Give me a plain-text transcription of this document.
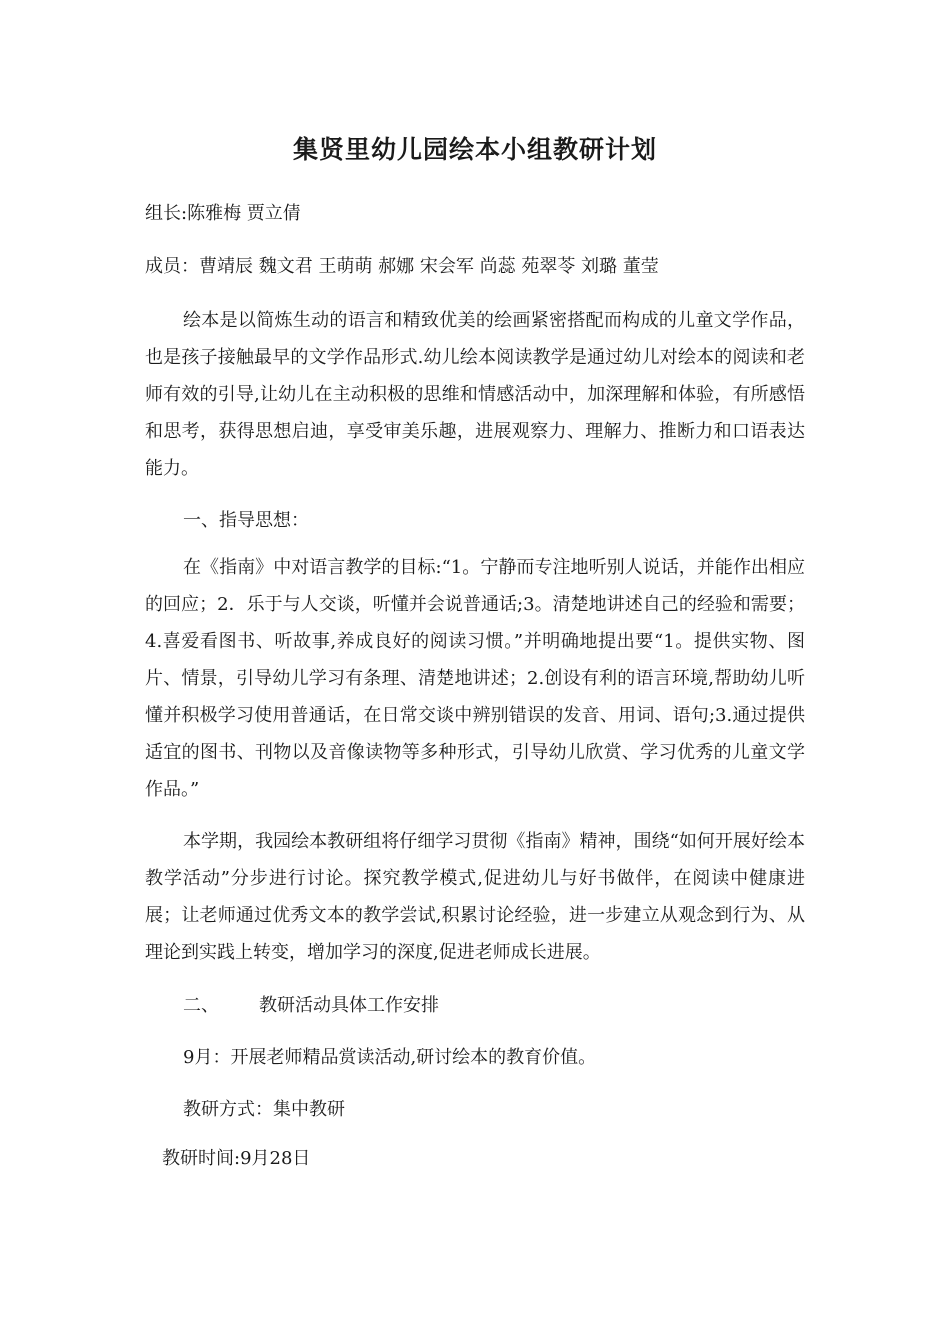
集贤里幼儿园绘本小组教研计划
组长:陈雅梅 贾立倩
成员：曹靖辰 魏文君 王萌萌 郝娜 宋会军 尚蕊 苑翠苓 刘璐 董莹
绘本是以简炼生动的语言和精致优美的绘画紧密搭配而构成的儿童文学作品，也是孩子接触最早的文学作品形式.幼儿绘本阅读教学是通过幼儿对绘本的阅读和老师有效的引导,让幼儿在主动积极的思维和情感活动中，加深理解和体验，有所感悟和思考，获得思想启迪，享受审美乐趣，进展观察力、理解力、推断力和口语表达能力。
一、指导思想：
在《指南》中对语言教学的目标:“1。宁静而专注地听别人说话，并能作出相应的回应；2．乐于与人交谈，听懂并会说普通话;3。清楚地讲述自己的经验和需要；4.喜爱看图书、听故事,养成良好的阅读习惯。”并明确地提出要“1。提供实物、图片、情景，引导幼儿学习有条理、清楚地讲述；2.创设有利的语言环境,帮助幼儿听懂并积极学习使用普通话，在日常交谈中辨别错误的发音、用词、语句;3.通过提供适宜的图书、刊物以及音像读物等多种形式，引导幼儿欣赏、学习优秀的儿童文学作品。”
本学期，我园绘本教研组将仔细学习贯彻《指南》精神，围绕“如何开展好绘本教学活动”分步进行讨论。探究教学模式,促进幼儿与好书做伴，在阅读中健康进展；让老师通过优秀文本的教学尝试,积累讨论经验，进一步建立从观念到行为、从理论到实践上转变，增加学习的深度,促进老师成长进展。
二、 教研活动具体工作安排
9月：开展老师精品赏读活动,研讨绘本的教育价值。
教研方式：集中教研
教研时间:9月28日
